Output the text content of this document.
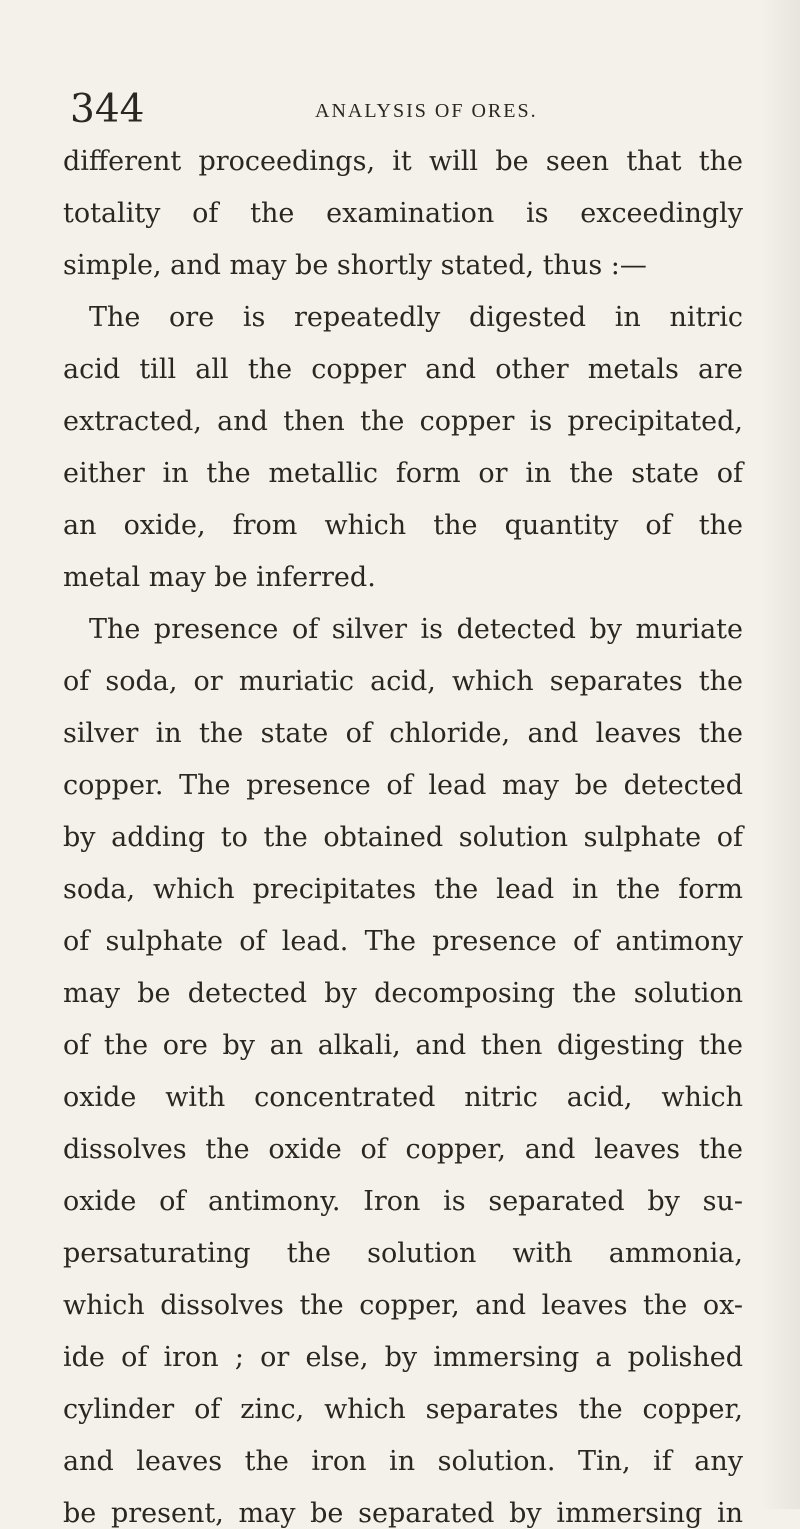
344	ANALYSIS OF ORES.
different proceedings, it will be seen that the
totality of the examination is exceedingly
simple, and may be shortly stated, thus :—
The ore is repeatedly digested in nitric
acid till all the copper and other metals are
extracted, and then the copper is precipitated,
either in the metallic form or in the state of
an oxide, from which the quantity of the
metal may be inferred.
The presence of silver is detected by muriate
of soda, or muriatic acid, which separates the
silver in the state of chloride, and leaves the
copper. The presence of lead may be detected
by adding to the obtained solution sulphate of
soda, which precipitates the lead in the form
of sulphate of lead. The presence of antimony
may be detected by decomposing the solution
of the ore by an alkali, and then digesting the
oxide with concentrated nitric acid, which
dissolves the oxide of copper, and leaves the
oxide of antimony. Iron is separated by su-
persaturating the solution with ammonia,
which dissolves the copper, and leaves the ox-
ide of iron ; or else, by immersing a polished
cylinder of zinc, which separates the copper,
and leaves the iron in solution. Tin, if any
be present, may be separated by immersing in
